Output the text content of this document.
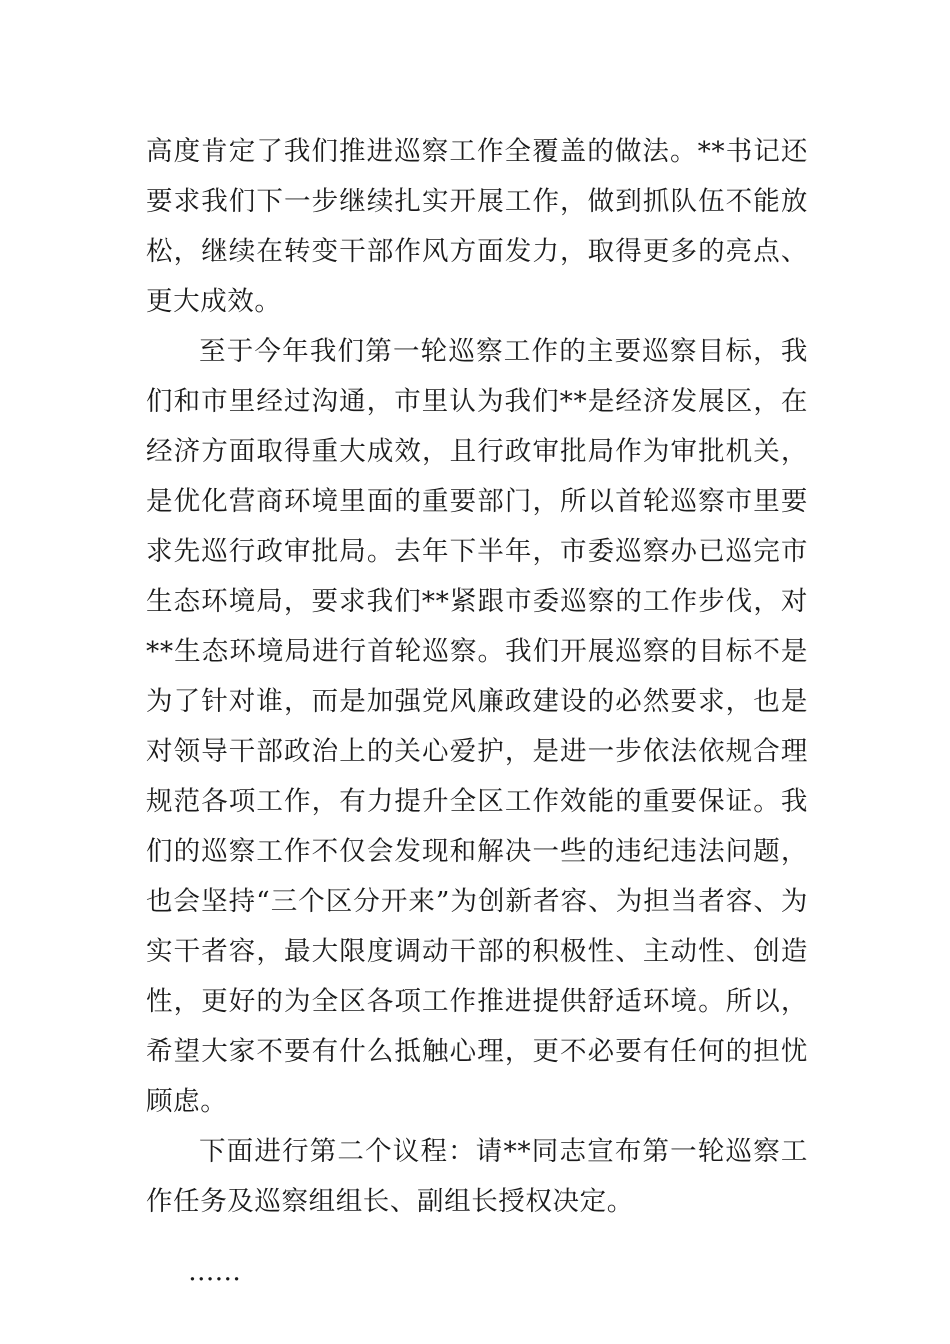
高度肯定了我们推进巡察工作全覆盖的做法。**书记还要求我们下一步继续扎实开展工作，做到抓队伍不能放松，继续在转变干部作风方面发力，取得更多的亮点、更大成效。

至于今年我们第一轮巡察工作的主要巡察目标，我们和市里经过沟通，市里认为我们**是经济发展区，在经济方面取得重大成效，且行政审批局作为审批机关，是优化营商环境里面的重要部门，所以首轮巡察市里要求先巡行政审批局。去年下半年，市委巡察办已巡完市生态环境局，要求我们**紧跟市委巡察的工作步伐，对**生态环境局进行首轮巡察。我们开展巡察的目标不是为了针对谁，而是加强党风廉政建设的必然要求，也是对领导干部政治上的关心爱护，是进一步依法依规合理规范各项工作，有力提升全区工作效能的重要保证。我们的巡察工作不仅会发现和解决一些的违纪违法问题，也会坚持“三个区分开来”为创新者容、为担当者容、为实干者容，最大限度调动干部的积极性、主动性、创造性，更好的为全区各项工作推进提供舒适环境。所以，希望大家不要有什么抵触心理，更不必要有任何的担忧顾虑。

下面进行第二个议程：请**同志宣布第一轮巡察工作任务及巡察组组长、副组长授权决定。

……
